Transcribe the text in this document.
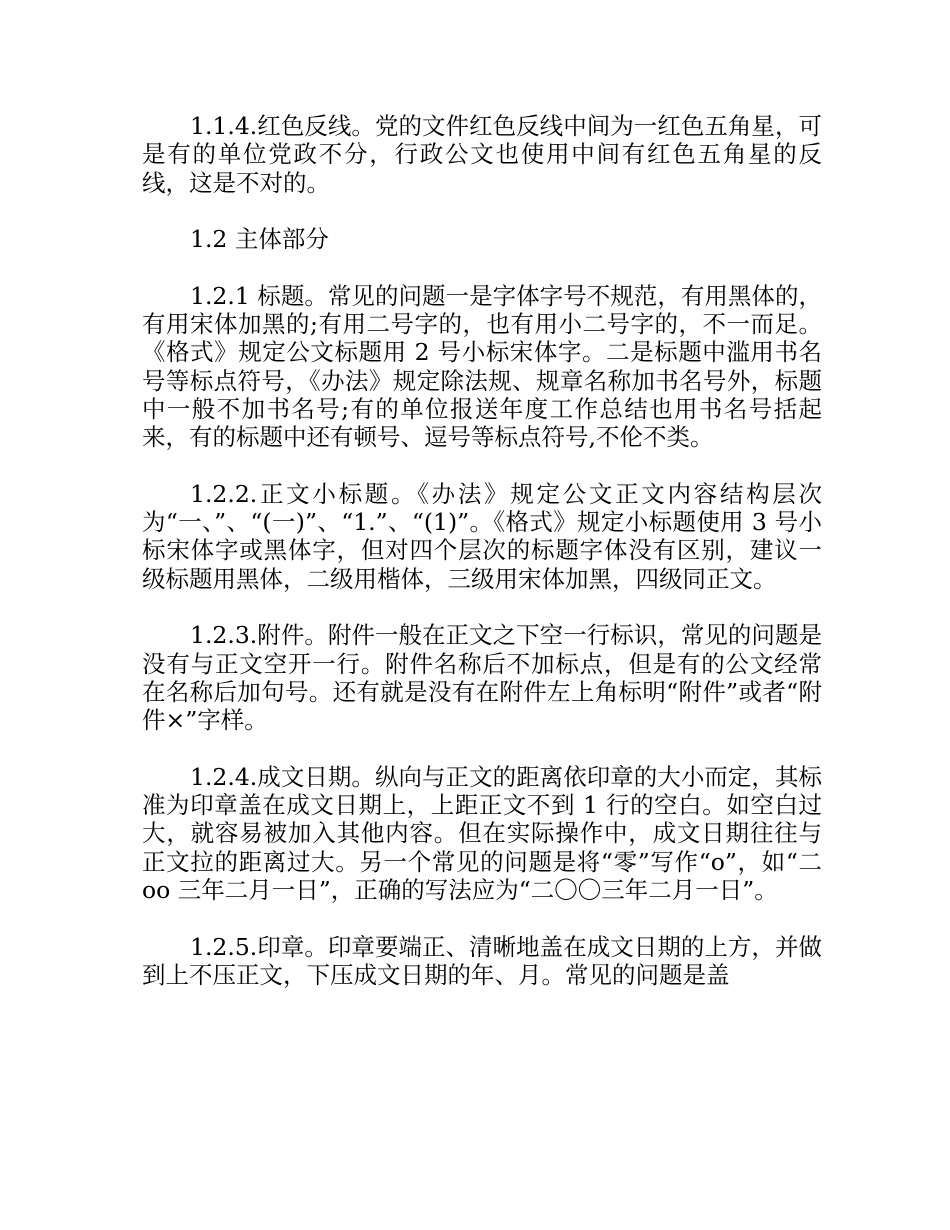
1.1.4.红色反线。党的文件红色反线中间为一红色五角星，可是有的单位党政不分，行政公文也使用中间有红色五角星的反线，这是不对的。

1.2 主体部分

1.2.1 标题。常见的问题一是字体字号不规范，有用黑体的，有用宋体加黑的;有用二号字的，也有用小二号字的，不一而足。《格式》规定公文标题用 2 号小标宋体字。二是标题中滥用书名号等标点符号，《办法》规定除法规、规章名称加书名号外，标题中一般不加书名号;有的单位报送年度工作总结也用书名号括起来，有的标题中还有顿号、逗号等标点符号,不伦不类。

1.2.2.正文小标题。《办法》规定公文正文内容结构层次为“一、”、“(一)”、“1.”、“(1)”。《格式》规定小标题使用 3 号小标宋体字或黑体字，但对四个层次的标题字体没有区别，建议一级标题用黑体，二级用楷体，三级用宋体加黑，四级同正文。

1.2.3.附件。附件一般在正文之下空一行标识，常见的问题是没有与正文空开一行。附件名称后不加标点，但是有的公文经常在名称后加句号。还有就是没有在附件左上角标明“附件”或者“附件×”字样。

1.2.4.成文日期。纵向与正文的距离依印章的大小而定，其标准为印章盖在成文日期上，上距正文不到 1 行的空白。如空白过大，就容易被加入其他内容。但在实际操作中，成文日期往往与正文拉的距离过大。另一个常见的问题是将“零”写作“o”，如“二 oo 三年二月一日”，正确的写法应为“二〇〇三年二月一日”。

1.2.5.印章。印章要端正、清晰地盖在成文日期的上方，并做到上不压正文，下压成文日期的年、月。常见的问题是盖
